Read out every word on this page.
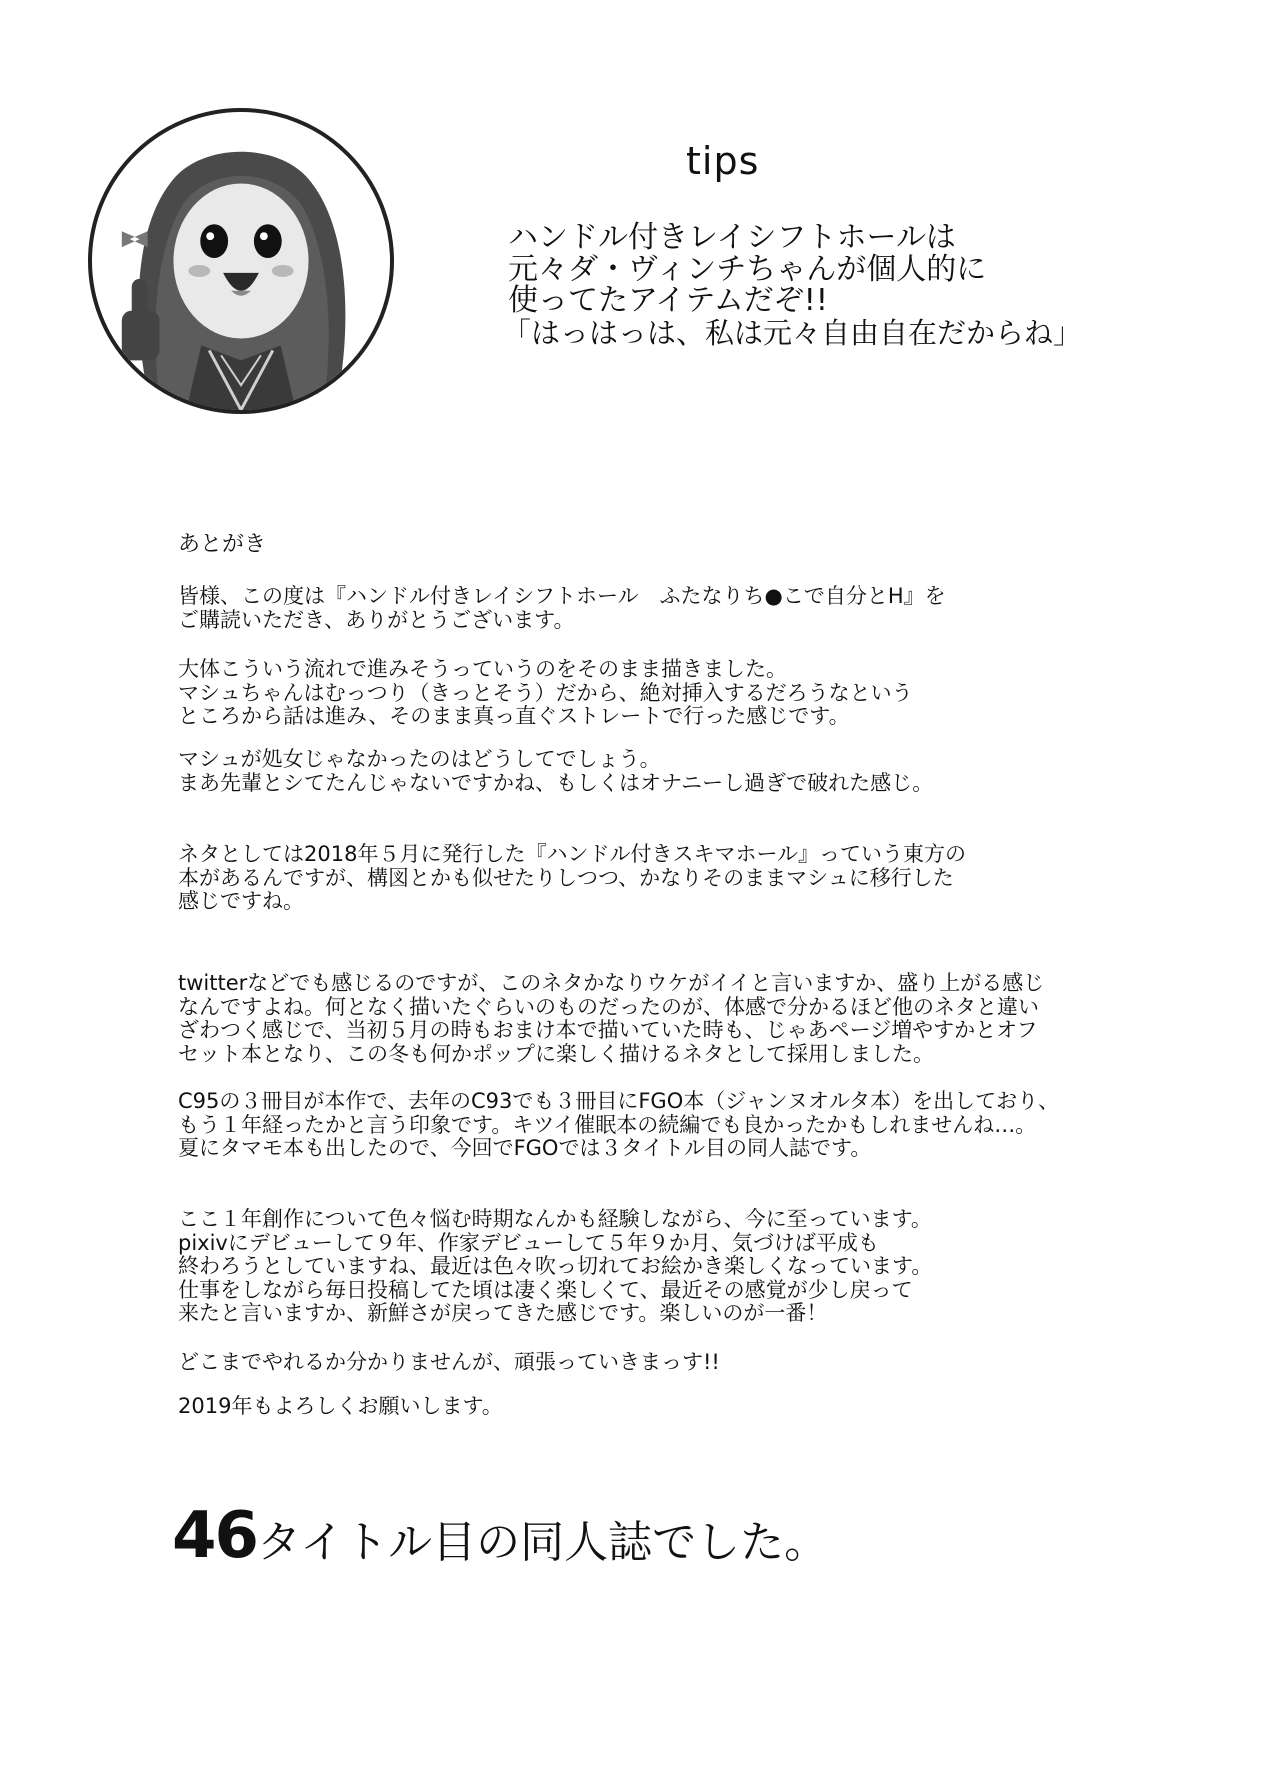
tips
ハンドル付きレイシフトホールは
元々ダ・ヴィンチちゃんが個人的に
使ってたアイテムだぞ!!
「はっはっは、私は元々自由自在だからね」
あとがき
皆様、この度は『ハンドル付きレイシフトホール　ふたなりち●こで自分とH』を
ご購読いただき、ありがとうございます。
大体こういう流れで進みそうっていうのをそのまま描きました。
マシュちゃんはむっつり（きっとそう）だから、絶対挿入するだろうなという
ところから話は進み、そのまま真っ直ぐストレートで行った感じです。
マシュが処女じゃなかったのはどうしてでしょう。
まあ先輩とシてたんじゃないですかね、もしくはオナニーし過ぎで破れた感じ。
ネタとしては2018年５月に発行した『ハンドル付きスキマホール』っていう東方の
本があるんですが、構図とかも似せたりしつつ、かなりそのままマシュに移行した
感じですね。
twitterなどでも感じるのですが、このネタかなりウケがイイと言いますか、盛り上がる感じ
なんですよね。何となく描いたぐらいのものだったのが、体感で分かるほど他のネタと違い
ざわつく感じで、当初５月の時もおまけ本で描いていた時も、じゃあページ増やすかとオフ
セット本となり、この冬も何かポップに楽しく描けるネタとして採用しました。
C95の３冊目が本作で、去年のC93でも３冊目にFGO本（ジャンヌオルタ本）を出しており、
もう１年経ったかと言う印象です。キツイ催眠本の続編でも良かったかもしれませんね…。
夏にタマモ本も出したので、今回でFGOでは３タイトル目の同人誌です。
ここ１年創作について色々悩む時期なんかも経験しながら、今に至っています。
pixivにデビューして９年、作家デビューして５年９か月、気づけば平成も
終わろうとしていますね、最近は色々吹っ切れてお絵かき楽しくなっています。
仕事をしながら毎日投稿してた頃は凄く楽しくて、最近その感覚が少し戻って
来たと言いますか、新鮮さが戻ってきた感じです。楽しいのが一番！
どこまでやれるか分かりませんが、頑張っていきまっす!!
2019年もよろしくお願いします。
46タイトル目の同人誌でした。
